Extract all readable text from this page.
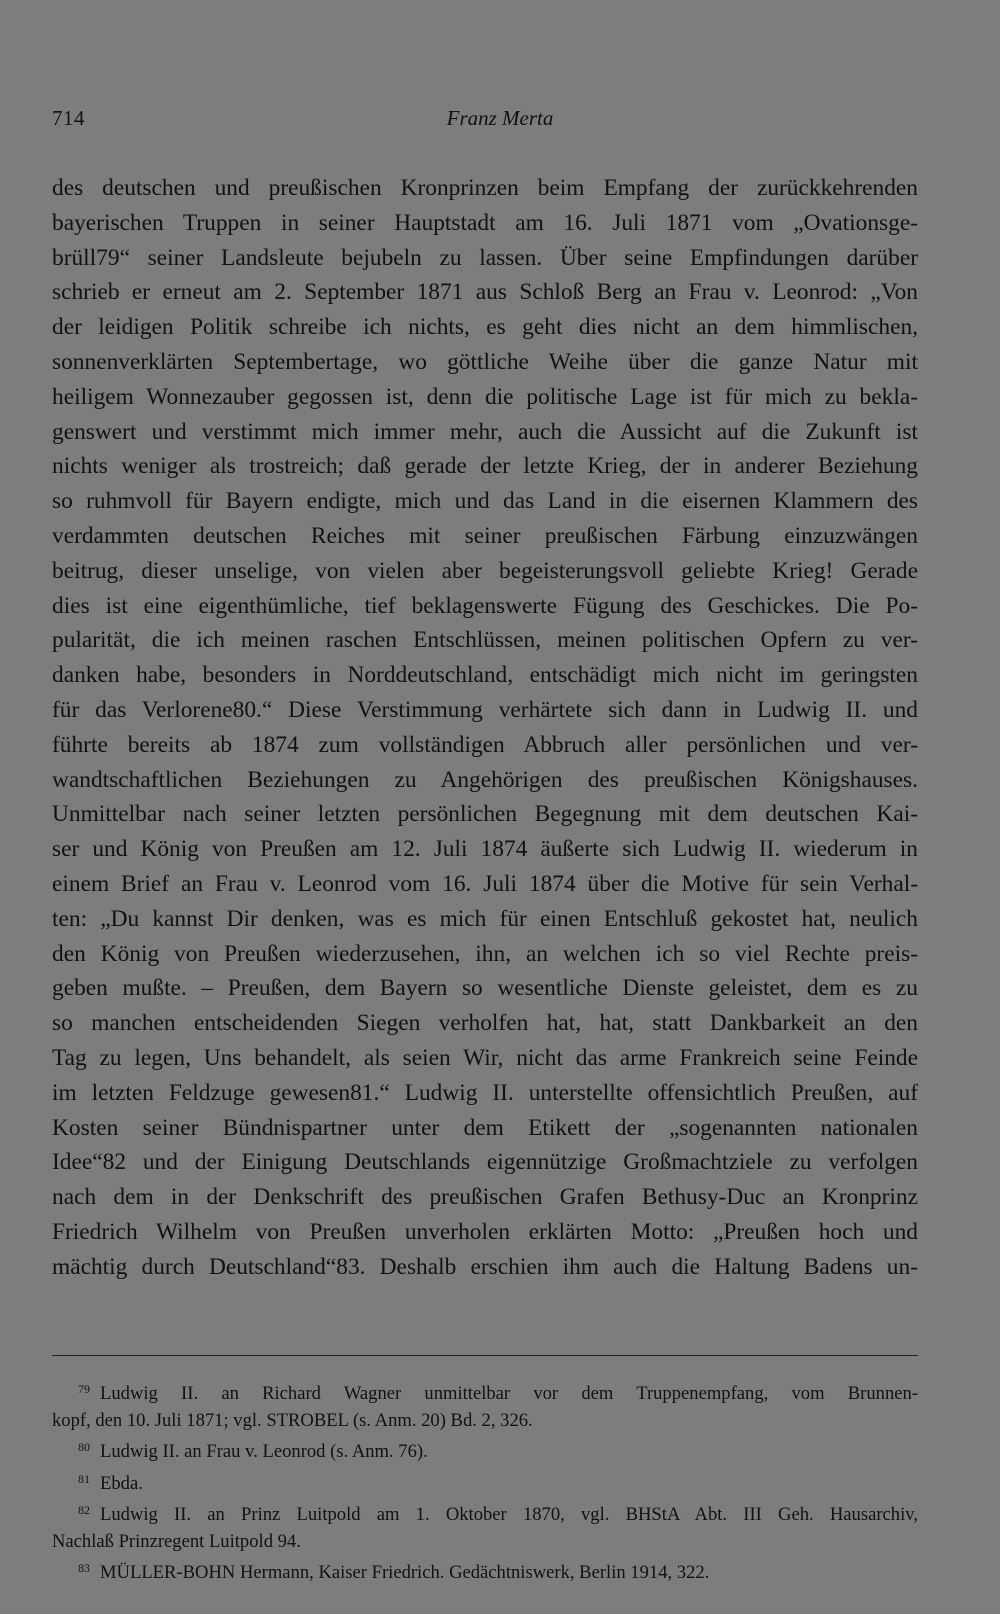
714	Franz Merta
des deutschen und preußischen Kronprinzen beim Empfang der zurückkehrenden
bayerischen Truppen in seiner Hauptstadt am 16. Juli 1871 vom „Ovationsge-
brüll79“ seiner Landsleute bejubeln zu lassen. Über seine Empfindungen darüber
schrieb er erneut am 2. September 1871 aus Schloß Berg an Frau v. Leonrod: „Von
der leidigen Politik schreibe ich nichts, es geht dies nicht an dem himmlischen,
sonnenverklärten Septembertage, wo göttliche Weihe über die ganze Natur mit
heiligem Wonnezauber gegossen ist, denn die politische Lage ist für mich zu bekla-
genswert und verstimmt mich immer mehr, auch die Aussicht auf die Zukunft ist
nichts weniger als trostreich; daß gerade der letzte Krieg, der in anderer Beziehung
so ruhmvoll für Bayern endigte, mich und das Land in die eisernen Klammern des
verdammten deutschen Reiches mit seiner preußischen Färbung einzuzwängen
beitrug, dieser unselige, von vielen aber begeisterungsvoll geliebte Krieg! Gerade
dies ist eine eigenthümliche, tief beklagenswerte Fügung des Geschickes. Die Po-
pularität, die ich meinen raschen Entschlüssen, meinen politischen Opfern zu ver-
danken habe, besonders in Norddeutschland, entschädigt mich nicht im geringsten
für das Verlorene80.“ Diese Verstimmung verhärtete sich dann in Ludwig II. und
führte bereits ab 1874 zum vollständigen Abbruch aller persönlichen und ver-
wandtschaftlichen Beziehungen zu Angehörigen des preußischen Königshauses.
Unmittelbar nach seiner letzten persönlichen Begegnung mit dem deutschen Kai-
ser und König von Preußen am 12. Juli 1874 äußerte sich Ludwig II. wiederum in
einem Brief an Frau v. Leonrod vom 16. Juli 1874 über die Motive für sein Verhal-
ten: „Du kannst Dir denken, was es mich für einen Entschluß gekostet hat, neulich
den König von Preußen wiederzusehen, ihn, an welchen ich so viel Rechte preis-
geben mußte. – Preußen, dem Bayern so wesentliche Dienste geleistet, dem es zu
so manchen entscheidenden Siegen verholfen hat, hat, statt Dankbarkeit an den
Tag zu legen, Uns behandelt, als seien Wir, nicht das arme Frankreich seine Feinde
im letzten Feldzuge gewesen81.“ Ludwig II. unterstellte offensichtlich Preußen, auf
Kosten seiner Bündnispartner unter dem Etikett der „sogenannten nationalen
Idee“82 und der Einigung Deutschlands eigennützige Großmachtziele zu verfolgen
nach dem in der Denkschrift des preußischen Grafen Bethusy-Duc an Kronprinz
Friedrich Wilhelm von Preußen unverholen erklärten Motto: „Preußen hoch und
mächtig durch Deutschland“83. Deshalb erschien ihm auch die Haltung Badens un-
$^{79}$ Ludwig II. an Richard Wagner unmittelbar vor dem Truppenempfang, vom Brunnen-
kopf, den 10. Juli 1871; vgl. STROBEL (s. Anm. 20) Bd. 2, 326.
$^{80}$ Ludwig II. an Frau v. Leonrod (s. Anm. 76).
$^{81}$ Ebda.
$^{82}$ Ludwig II. an Prinz Luitpold am 1. Oktober 1870, vgl. BHStA Abt. III Geh. Hausarchiv,
Nachlaß Prinzregent Luitpold 94.
$^{83}$ MÜLLER-BOHN Hermann, Kaiser Friedrich. Gedächtniswerk, Berlin 1914, 322.
